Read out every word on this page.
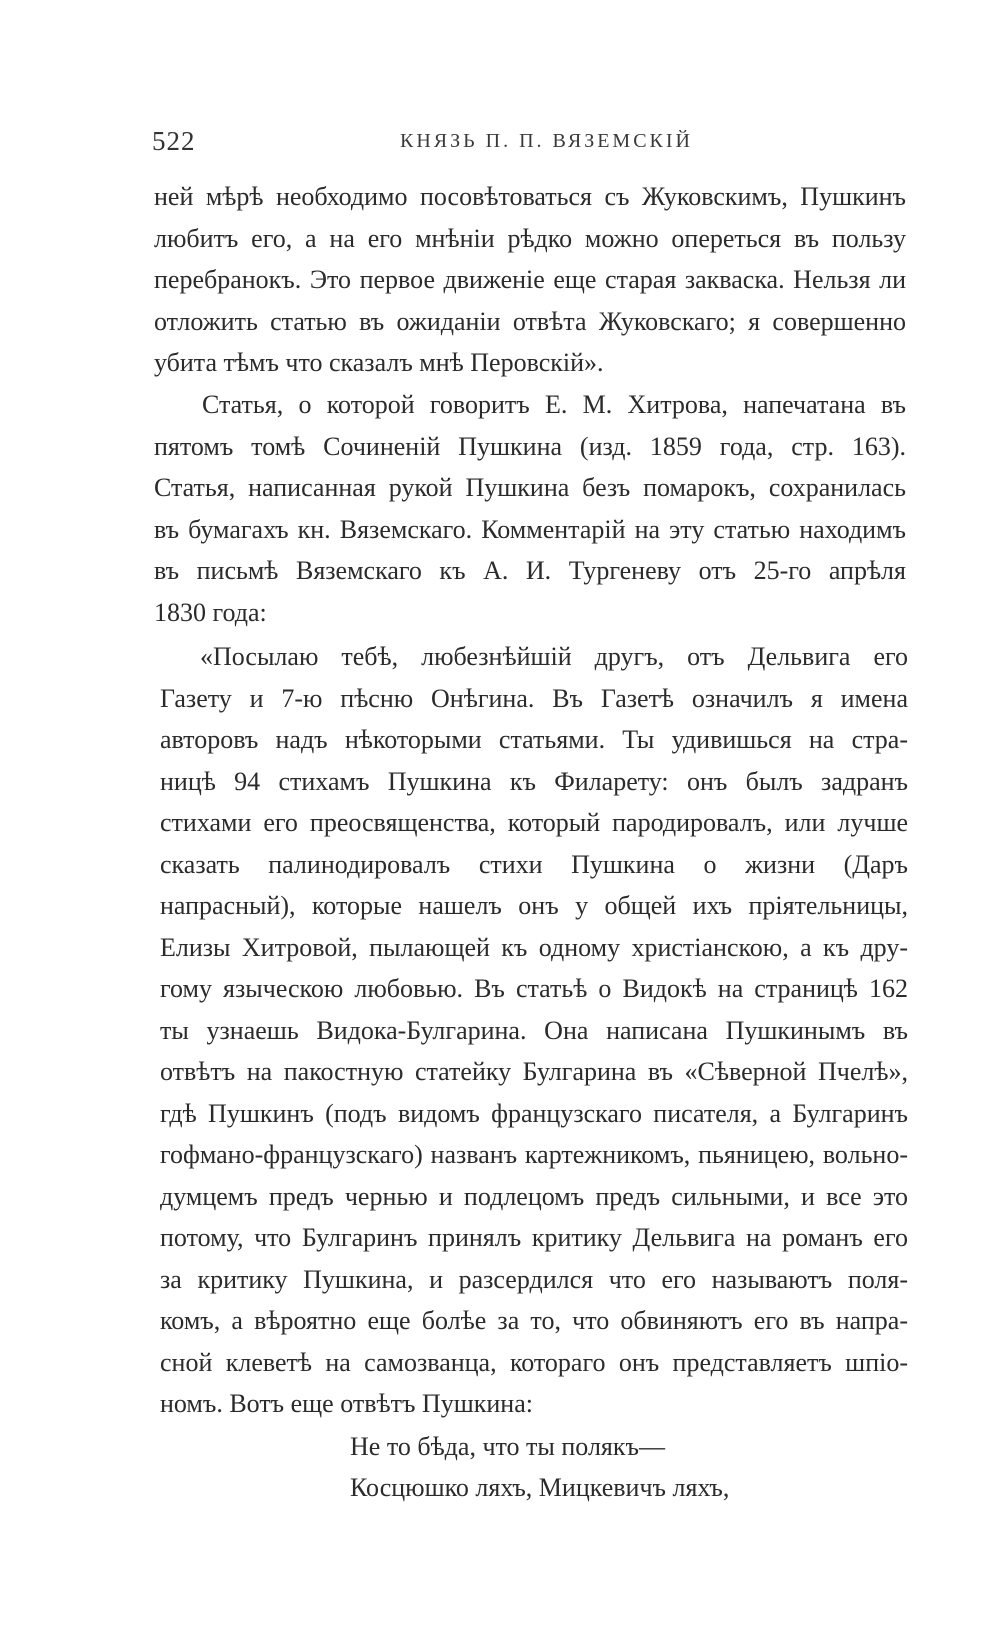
522	КНЯЗЬ П. П. ВЯЗЕМСКІЙ
ней мѣрѣ необходимо посовѣтоваться съ Жуковскимъ, Пушкинъ
любитъ его, а на его мнѣніи рѣдко можно опереться въ пользу
перебранокъ. Это первое движеніе еще старая закваска. Нельзя ли
отложить статью въ ожиданіи отвѣта Жуковскаго; я совершенно
убита тѣмъ что сказалъ мнѣ Перовскій».
Статья, о которой говоритъ Е. М. Хитрова, напечатана въ
пятомъ томѣ Сочиненій Пушкина (изд. 1859 года, стр. 163).
Статья, написанная рукой Пушкина безъ помарокъ, сохранилась
въ бумагахъ кн. Вяземскаго. Комментарій на эту статью находимъ
въ письмѣ Вяземскаго къ А. И. Тургеневу отъ 25-го апрѣля
1830 года:
«Посылаю тебѣ, любезнѣйшій другъ, отъ Дельвига его
Газету и 7-ю пѣсню Онѣгина. Въ Газетѣ означилъ я имена
авторовъ надъ нѣкоторыми статьями. Ты удивишься на стра-
ницѣ 94 стихамъ Пушкина къ Филарету: онъ былъ задранъ
стихами его преосвященства, который пародировалъ, или лучше
сказать палинодировалъ стихи Пушкина о жизни (Даръ
напрасный), которые нашелъ онъ у общей ихъ пріятельницы,
Елизы Хитровой, пылающей къ одному христіанскою, а къ дру-
гому языческою любовью. Въ статьѣ о Видокѣ на страницѣ 162
ты узнаешь Видока-Булгарина. Она написана Пушкинымъ въ
отвѣтъ на пакостную статейку Булгарина въ «Сѣверной Пчелѣ»,
гдѣ Пушкинъ (подъ видомъ французскаго писателя, а Булгаринъ
гофмано-французскаго) названъ картежникомъ, пьяницею, вольно-
думцемъ предъ чернью и подлецомъ предъ сильными, и все это
потому, что Булгаринъ принялъ критику Дельвига на романъ его
за критику Пушкина, и разсердился что его называютъ поля-
комъ, а вѣроятно еще болѣе за то, что обвиняютъ его въ напра-
сной клеветѣ на самозванца, котораго онъ представляетъ шпіо-
номъ. Вотъ еще отвѣтъ Пушкина:
Не то бѣда, что ты полякъ—
Косцюшко ляхъ, Мицкевичъ ляхъ,
